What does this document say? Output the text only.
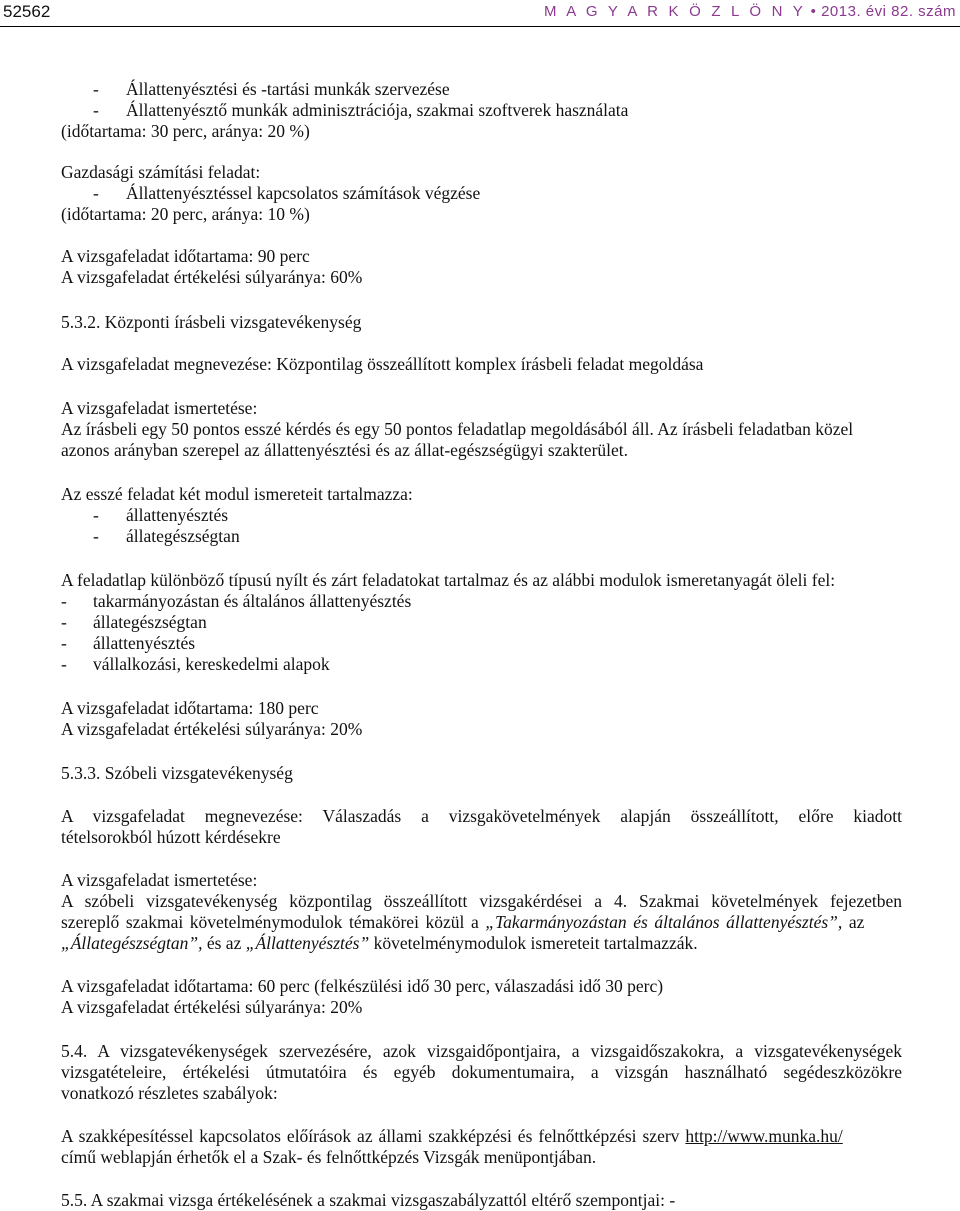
52562	M A G Y A R K Ö Z L Ö N Y • 2013. évi 82. szám
- Állattenyésztési és -tartási munkák szervezése
- Állattenyésztő munkák adminisztrációja, szakmai szoftverek használata
(időtartama: 30 perc, aránya: 20 %)
Gazdasági számítási feladat:
- Állattenyésztéssel kapcsolatos számítások végzése
(időtartama: 20 perc, aránya: 10 %)
A vizsgafeladat időtartama: 90 perc
A vizsgafeladat értékelési súlyaránya: 60%
5.3.2. Központi írásbeli vizsgatevékenység
A vizsgafeladat megnevezése: Központilag összeállított komplex írásbeli feladat megoldása
A vizsgafeladat ismertetése:
Az írásbeli egy 50 pontos esszé kérdés és egy 50 pontos feladatlap megoldásából áll. Az írásbeli feladatban közel
azonos arányban szerepel az állattenyésztési és az állat-egészségügyi szakterület.
Az esszé feladat két modul ismereteit tartalmazza:
- állattenyésztés
- állategészségtan
A feladatlap különböző típusú nyílt és zárt feladatokat tartalmaz és az alábbi modulok ismeretanyagát öleli fel:
- takarmányozástan és általános állattenyésztés
- állategészségtan
- állattenyésztés
- vállalkozási, kereskedelmi alapok
A vizsgafeladat időtartama: 180 perc
A vizsgafeladat értékelési súlyaránya: 20%
5.3.3. Szóbeli vizsgatevékenység
A vizsgafeladat megnevezése: Válaszadás a vizsgakövetelmények alapján összeállított, előre kiadott
tételsorokból húzott kérdésekre
A vizsgafeladat ismertetése:
A szóbeli vizsgatevékenység központilag összeállított vizsgakérdései a 4. Szakmai követelmények fejezetben
szereplő szakmai követelménymodulok témakörei közül a „Takarmányozástan és általános állattenyésztés”, az
„Állategészségtan”, és az „Állattenyésztés” követelménymodulok ismereteit tartalmazzák.
A vizsgafeladat időtartama: 60 perc (felkészülési idő 30 perc, válaszadási idő 30 perc)
A vizsgafeladat értékelési súlyaránya: 20%
5.4. A vizsgatevékenységek szervezésére, azok vizsgaidőpontjaira, a vizsgaidőszakokra, a vizsgatevékenységek
vizsgatételeire, értékelési útmutatóira és egyéb dokumentumaira, a vizsgán használható segédeszközökre
vonatkozó részletes szabályok:
A szakképesítéssel kapcsolatos előírások az állami szakképzési és felnőttképzési szerv http://www.munka.hu/
című weblapján érhetők el a Szak- és felnőttképzés Vizsgák menüpontjában.
5.5. A szakmai vizsga értékelésének a szakmai vizsgaszabályzattól eltérő szempontjai: -
